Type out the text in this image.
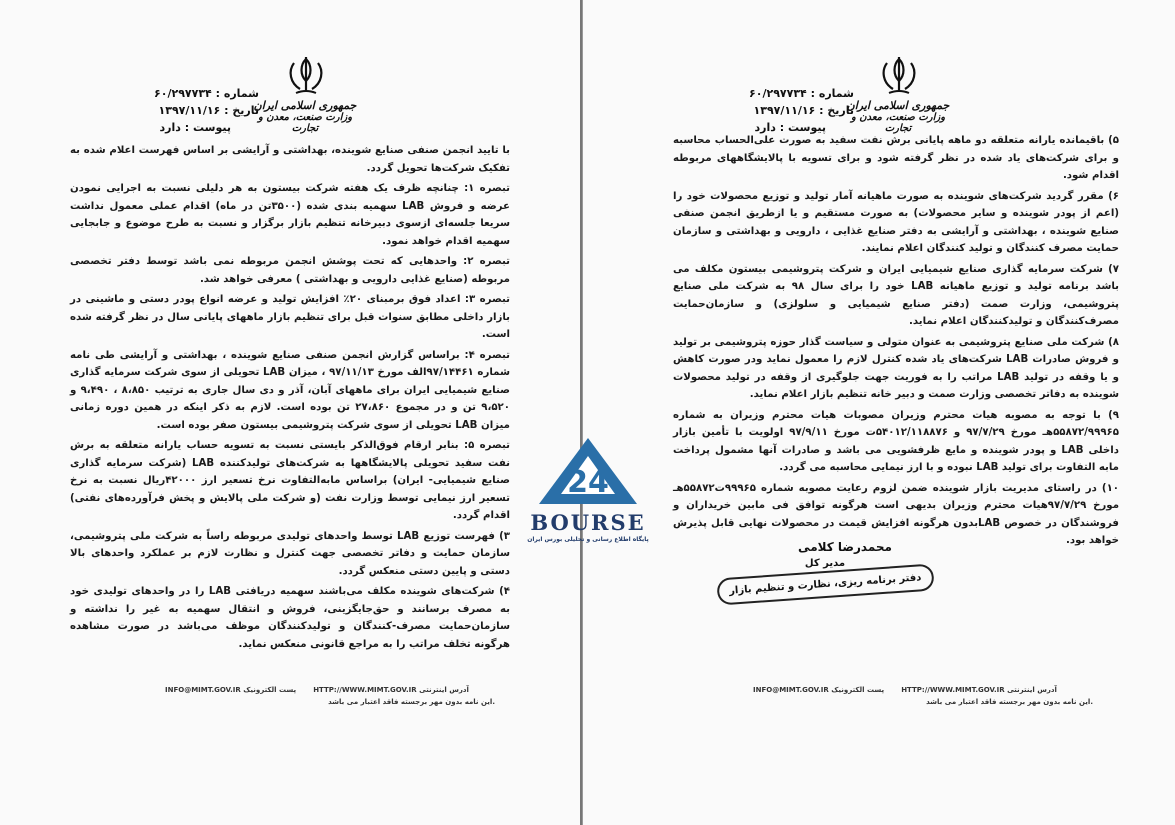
جمهوری اسلامی ایران
وزارت صنعت، معدن و تجارت
شماره : ۶۰/۲۹۷۷۳۴
تاریخ : ۱۳۹۷/۱۱/۱۶
پیوست : دارد

با تایید انجمن صنفی صنایع شوینده، بهداشتی و آرایشی بر اساس فهرست اعلام شده به تفکیک شرکت‌ها تحویل گردد.

تبصره ۱: چنانچه ظرف یک هفته شرکت بیستون به هر دلیلی نسبت به اجرایی نمودن عرضه و فروش LAB سهمیه بندی شده (۳۵۰۰تن در ماه) اقدام عملی معمول نداشت سریعا جلسه‌ای ازسوی دبیرخانه تنظیم بازار برگزار و نسبت به طرح موضوع و جابجایی سهمیه اقدام خواهد نمود.

تبصره ۲: واحدهایی که تحت پوشش انجمن مربوطه نمی باشد توسط دفتر تخصصی مربوطه (صنایع غذایی دارویی و بهداشتی ) معرفی خواهد شد.

تبصره ۳: اعداد فوق برمبنای ۲۰٪ افزایش تولید و عرضه انواع پودر دستی و ماشینی در بازار داخلی مطابق سنوات قبل برای تنظیم بازار ماههای پایانی سال در نظر گرفته شده است.

تبصره ۴: براساس گزارش انجمن صنفی صنایع شوینده ، بهداشتی و آرایشی طی نامه شماره ۹۷/۱۴۴۶۱الف مورخ ۹۷/۱۱/۱۳ ، میزان LAB تحویلی از سوی شرکت سرمایه گذاری صنایع شیمیایی ایران برای ماههای آبان، آذر و دی سال جاری به ترتیب ۸،۸۵۰ ، ۹،۴۹۰ و ۹،۵۲۰ تن و در مجموع ۲۷،۸۶۰ تن بوده است. لازم به ذکر اینکه در همین دوره زمانی میزان LAB تحویلی از سوی شرکت پتروشیمی بیستون صفر بوده است.

تبصره ۵: بنابر ارقام فوق‌الذکر بایستی نسبت به تسویه حساب یارانه متعلقه به برش نفت سفید تحویلی پالایشگاهها به شرکت‌های تولیدکننده LAB (شرکت سرمایه گذاری صنایع شیمیایی- ایران) براساس مابه‌التفاوت نرخ تسعیر ارز ۴۲۰۰۰ریال نسبت به نرخ تسعیر ارز نیمایی توسط وزارت نفت (و شرکت ملی پالایش و پخش فرآورده‌های نفتی) اقدام گردد.

۳) فهرست توزیع LAB توسط واحدهای تولیدی مربوطه راساً به شرکت ملی پتروشیمی، سازمان حمایت و دفاتر تخصصی جهت کنترل و نظارت لازم بر عملکرد واحدهای بالا دستی و پایین دستی منعکس گردد.

۴) شرکت‌های شوینده مکلف می‌باشند سهمیه دریافتی LAB را در واحدهای تولیدی خود به مصرف برسانند و حق‌جایگزینی، فروش و انتقال سهمیه به غیر را نداشته و سازمان‌حمایت مصرف-کنندگان و تولیدکنندگان موظف می‌باشد در صورت مشاهده هرگونه تخلف مراتب را به مراجع قانونی منعکس نماید.

INFO@MIMT.GOV.IR پست الکترونیک HTTP://WWW.MIMT.GOV.IR آدرس اینترنتی
این نامه بدون مهر برجسته فاقد اعتبار می باشد.
جمهوری اسلامی ایران
وزارت صنعت، معدن و تجارت
شماره : ۶۰/۲۹۷۷۳۴
تاریخ : ۱۳۹۷/۱۱/۱۶
پیوست : دارد

۵) باقیمانده یارانه متعلقه دو ماهه پایانی برش نفت سفید به صورت علی‌الحساب محاسبه و برای شرکت‌های یاد شده در نظر گرفته شود و برای تسویه با پالایشگاههای مربوطه اقدام شود.

۶) مقرر گردید شرکت‌های شوینده به صورت ماهیانه آمار تولید و توزیع محصولات خود را (اعم از پودر شوینده و سایر محصولات) به صورت مستقیم و یا ازطریق انجمن صنفی صنایع شوینده ، بهداشتی و آرایشی به دفتر صنایع غذایی ، دارویی و بهداشتی و سازمان حمایت مصرف کنندگان و تولید کنندگان اعلام نمایند.

۷) شرکت سرمایه گذاری صنایع شیمیایی ایران و شرکت پتروشیمی بیستون مکلف می باشد برنامه تولید و توزیع ماهیانه LAB خود را برای سال ۹۸ به شرکت ملی صنایع پتروشیمی، وزارت صمت (دفتر صنایع شیمیایی و سلولزی) و سازمان‌حمایت مصرف‌کنندگان و تولیدکنندگان اعلام نماید.

۸) شرکت ملی صنایع پتروشیمی به عنوان متولی و سیاست گذار حوزه پتروشیمی بر تولید و فروش صادرات LAB شرکت‌های یاد شده کنترل لازم را معمول نماید ودر صورت کاهش و یا وقفه در تولید LAB مراتب را به فوریت جهت جلوگیری از وقفه در تولید محصولات شوینده به دفاتر تخصصی وزارت صمت و دبیر خانه تنظیم بازار اعلام نماید.

۹) با توجه به مصوبه هیات محترم وزیران مصوبات هیات محترم وزیران به شماره ۵۵۸۷۲/۹۹۹۶۵هـ مورخ ۹۷/۷/۲۹ و ۵۴۰۱۲/۱۱۸۸۷۶ت مورخ ۹۷/۹/۱۱ اولویت با تأمین بازار داخلی LAB و پودر شوینده و مایع ظرفشویی می باشد و صادرات آنها مشمول پرداخت مابه التفاوت برای تولید LAB نبوده و با ارز نیمایی محاسبه می گردد.

۱۰) در راستای مدیریت بازار شوینده ضمن لزوم رعایت مصوبه شماره ۹۹۹۶۵ت۵۵۸۷۲هـ مورخ ۹۷/۷/۲۹هیات محترم وزیران بدیهی است هرگونه توافق فی مابین خریداران و فروشندگان در خصوص LABبدون هرگونه افزایش قیمت در محصولات نهایی قابل پذیرش خواهد بود.

INFO@MIMT.GOV.IR پست الکترونیک HTTP://WWW.MIMT.GOV.IR آدرس اینترنتی
این نامه بدون مهر برجسته فاقد اعتبار می باشد.
محمدرضا کلامی
مدیر کل
دفتر برنامه ریزی، نظارت و تنظیم بازار
24
BOURSE
پایگاه اطلاع رسانی و تحلیلی بورس ایران
